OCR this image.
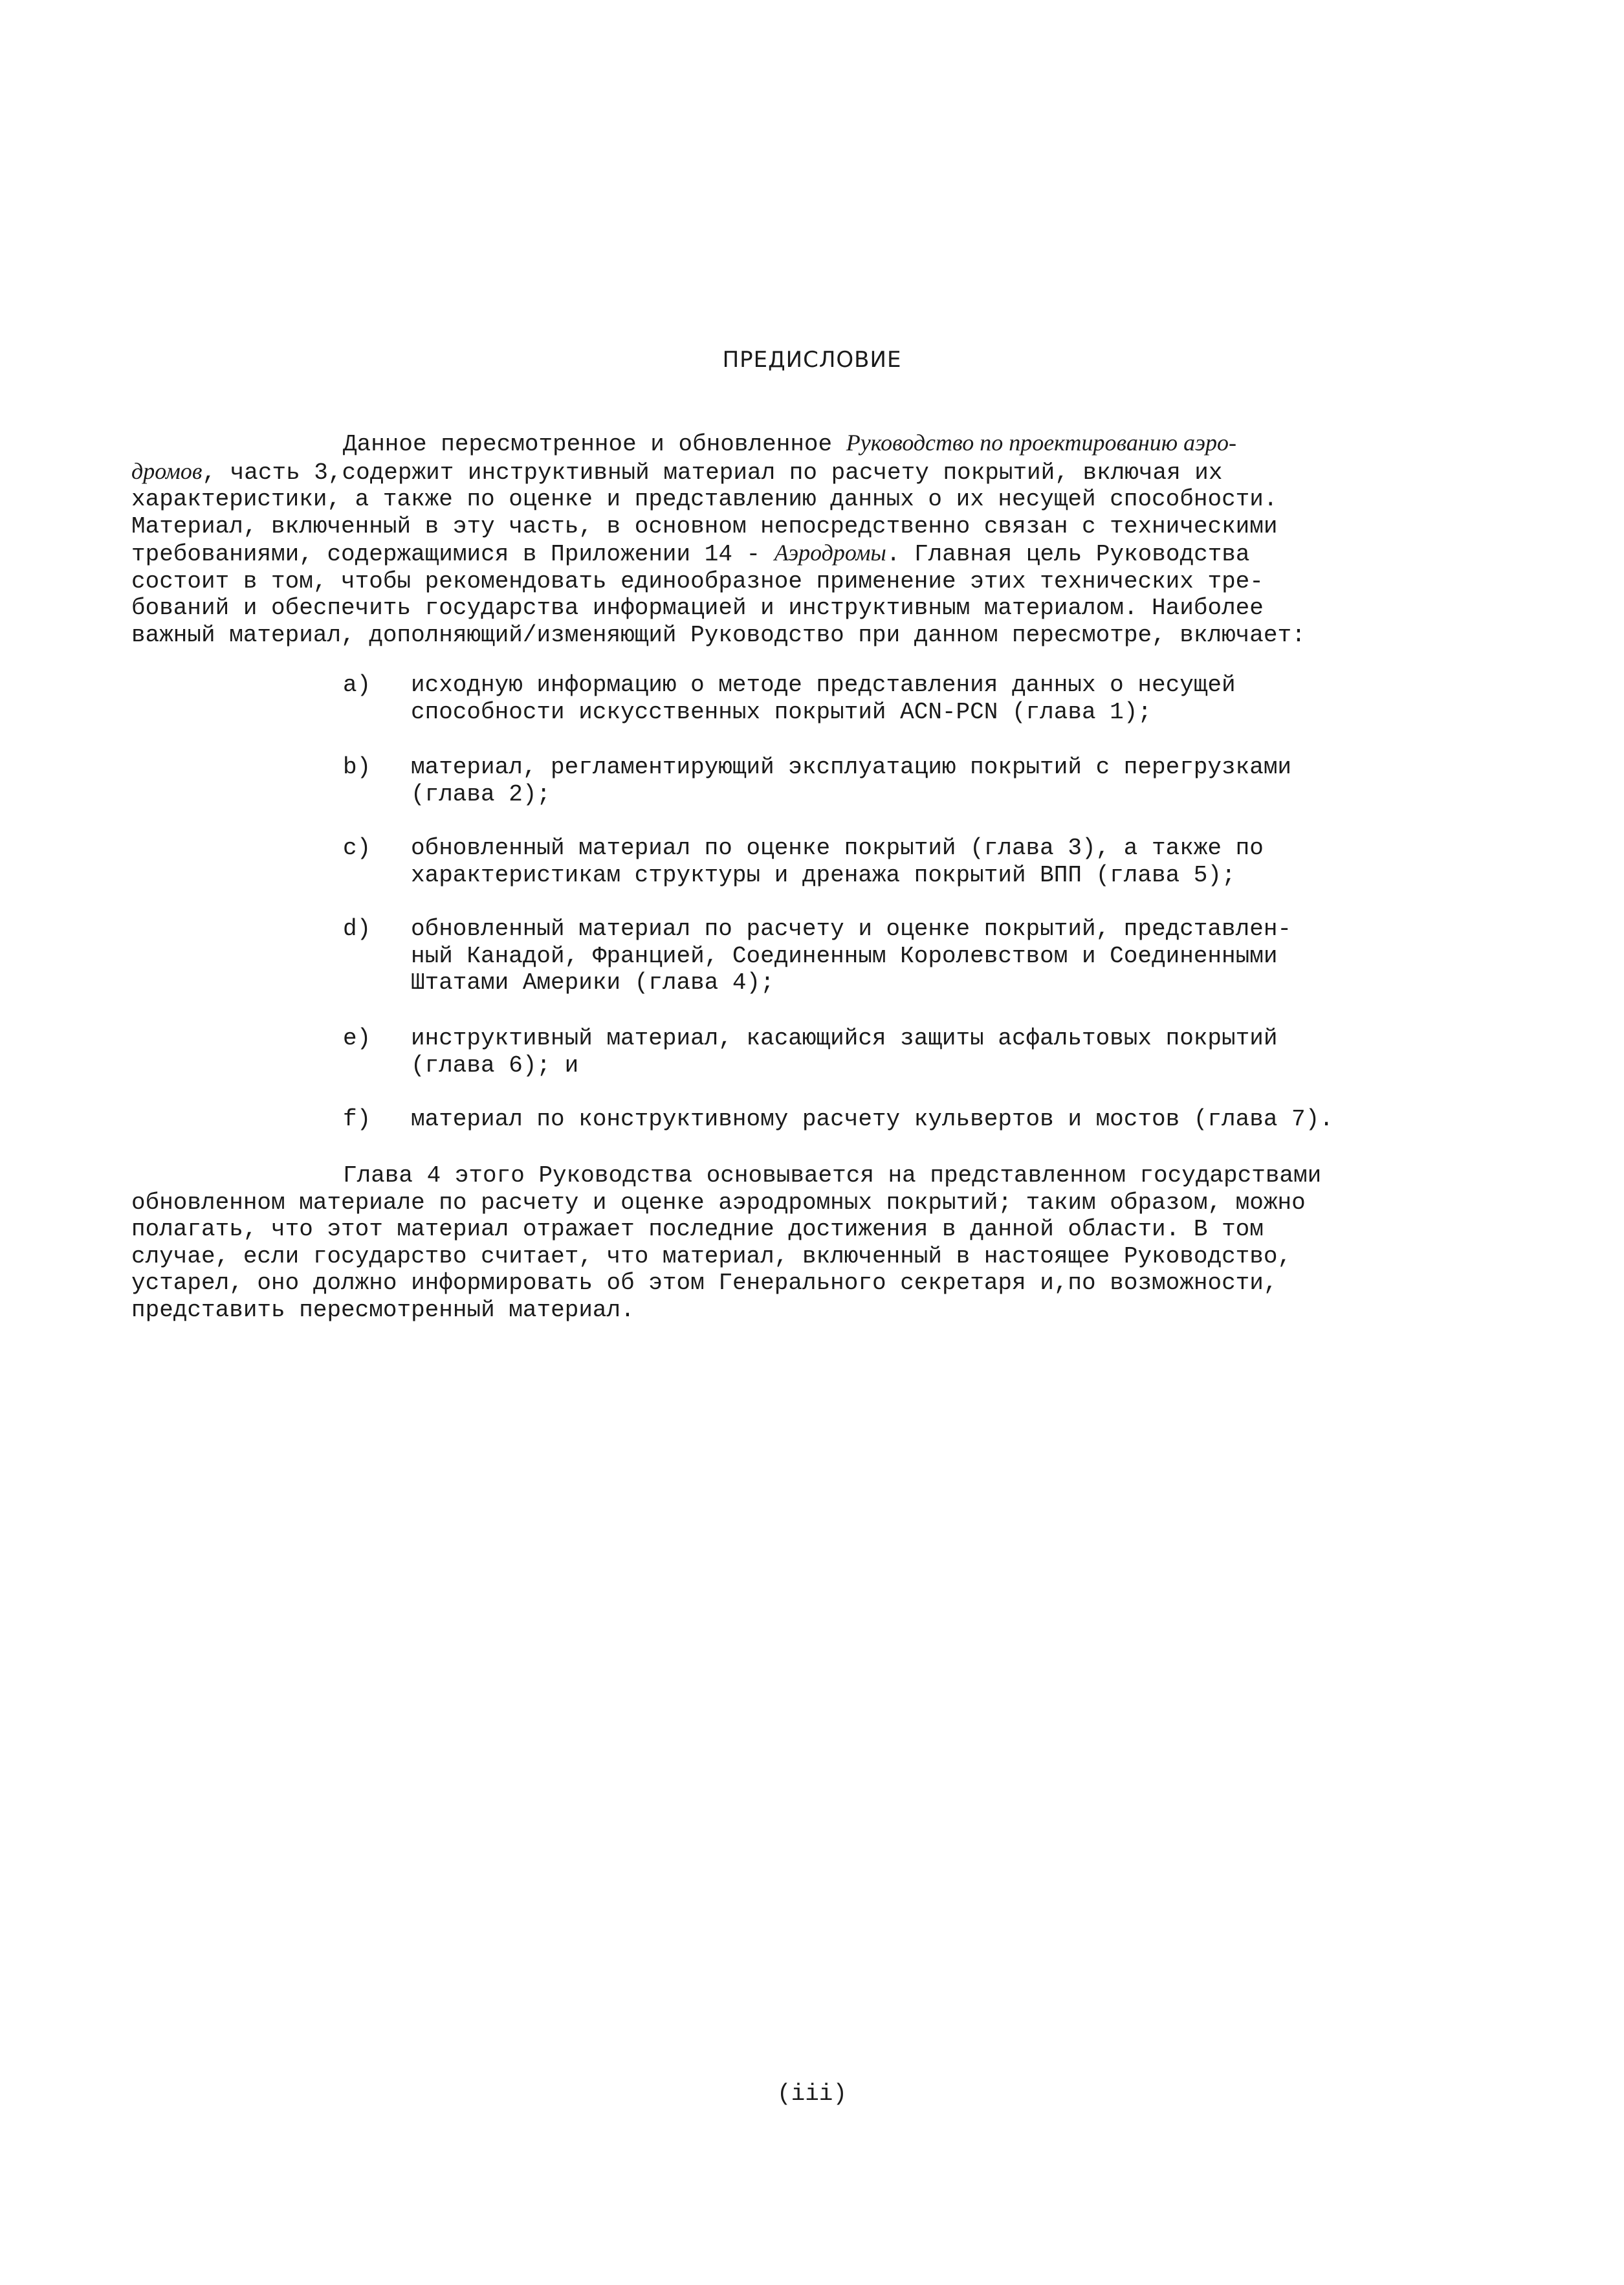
ПРЕДИСЛОВИЕ
Данное пересмотренное и обновленное Руководство по проектированию аэро-
дромов, часть 3,содержит инструктивный материал по расчету покрытий, включая их
характеристики, а также по оценке и представлению данных о их несущей способности.
Материал, включенный в эту часть, в основном непосредственно связан с техническими
требованиями, содержащимися в Приложении 14 - Аэродромы. Главная цель Руководства
состоит в том, чтобы рекомендовать единообразное применение этих технических тре-
бований и обеспечить государства информацией и инструктивным материалом. Наиболее
важный материал, дополняющий/изменяющий Руководство при данном пересмотре, включает:
a) исходную информацию о методе представления данных о несущей
способности искусственных покрытий ACN-PCN (глава 1);
b) материал, регламентирующий эксплуатацию покрытий с перегрузками
(глава 2);
c) обновленный материал по оценке покрытий (глава 3), а также по
характеристикам структуры и дренажа покрытий ВПП (глава 5);
d) обновленный материал по расчету и оценке покрытий, представлен-
ный Канадой, Францией, Соединенным Королевством и Соединенными
Штатами Америки (глава 4);
e) инструктивный материал, касающийся защиты асфальтовых покрытий
(глава 6); и
f) материал по конструктивному расчету кульвертов и мостов (глава 7).
Глава 4 этого Руководства основывается на представленном государствами
обновленном материале по расчету и оценке аэродромных покрытий; таким образом, можно
полагать, что этот материал отражает последние достижения в данной области. В том
случае, если государство считает, что материал, включенный в настоящее Руководство,
устарел, оно должно информировать об этом Генерального секретаря и,по возможности,
представить пересмотренный материал.
(iii)
